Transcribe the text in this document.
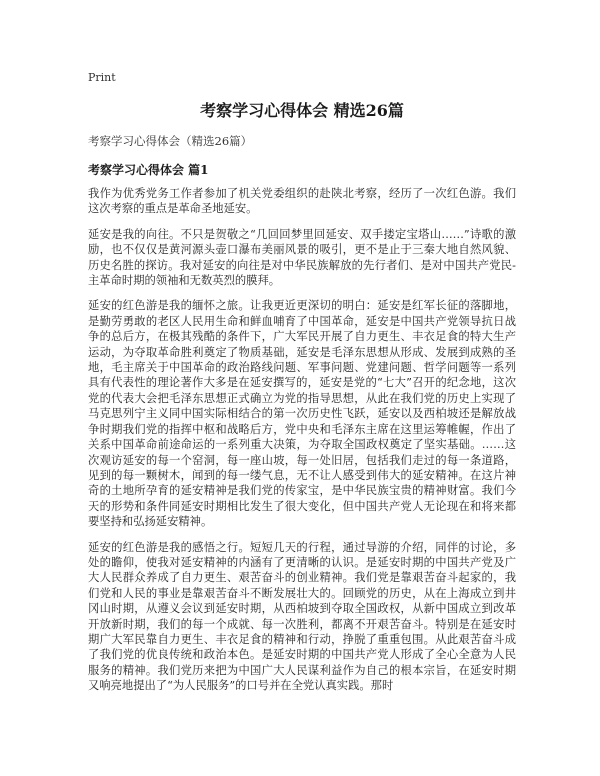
Print
考察学习心得体会 精选26篇
考察学习心得体会（精选26篇）
考察学习心得体会 篇1

我作为优秀党务工作者参加了机关党委组织的赴陕北考察，经历了一次红色游。我们这次考察的重点是革命圣地延安。

延安是我的向往。不只是贺敬之“几回回梦里回延安、双手搂定宝塔山……”诗歌的激励，也不仅仅是黄河源头壶口瀑布美丽风景的吸引，更不是止于三秦大地自然风貌、历史名胜的探访。我对延安的向往是对中华民族解放的先行者们、是对中国共产党民-主革命时期的领袖和无数英烈的膜拜。

延安的红色游是我的缅怀之旅。让我更近更深切的明白：延安是红军长征的落脚地，是勤劳勇敢的老区人民用生命和鲜血哺育了中国革命，延安是中国共产党领导抗日战争的总后方，在极其残酷的条件下，广大军民开展了自力更生、丰衣足食的特大生产运动，为夺取革命胜利奠定了物质基础，延安是毛泽东思想从形成、发展到成熟的圣地，毛主席关于中国革命的政治路线问题、军事问题、党建问题、哲学问题等一系列具有代表性的理论著作大多是在延安撰写的，延安是党的“七大”召开的纪念地，这次党的代表大会把毛泽东思想正式确立为党的指导思想，从此在我们党的历史上实现了马克思列宁主义同中国实际相结合的第一次历史性飞跃，延安以及西柏坡还是解放战争时期我们党的指挥中枢和战略后方，党中央和毛泽东主席在这里运筹帷幄，作出了关系中国革命前途命运的一系列重大决策，为夺取全国政权奠定了坚实基础。……这次观访延安的每一个窑洞，每一座山坡，每一处旧居，包括我们走过的每一条道路，见到的每一颗树木，闻到的每一缕气息，无不让人感受到伟大的延安精神。在这片神奇的土地所孕育的延安精神是我们党的传家宝，是中华民族宝贵的精神财富。我们今天的形势和条件同延安时期相比发生了很大变化，但中国共产党人无论现在和将来都要坚持和弘扬延安精神。

延安的红色游是我的感悟之行。短短几天的行程，通过导游的介绍，同伴的讨论，多处的瞻仰，使我对延安精神的内涵有了更清晰的认识。是延安时期的中国共产党及广大人民群众养成了自力更生、艰苦奋斗的创业精神。我们党是靠艰苦奋斗起家的，我们党和人民的事业是靠艰苦奋斗不断发展壮大的。回顾党的历史，从在上海成立到井冈山时期，从遵义会议到延安时期，从西柏坡到夺取全国政权，从新中国成立到改革开放新时期，我们的每一个成就、每一次胜利，都离不开艰苦奋斗。特别是在延安时期广大军民靠自力更生、丰衣足食的精神和行动，挣脱了重重包围。从此艰苦奋斗成了我们党的优良传统和政治本色。是延安时期的中国共产党人形成了全心全意为人民服务的精神。我们党历来把为中国广大人民谋利益作为自己的根本宗旨，在延安时期又响亮地提出了“为人民服务”的口号并在全党认真实践。那时
